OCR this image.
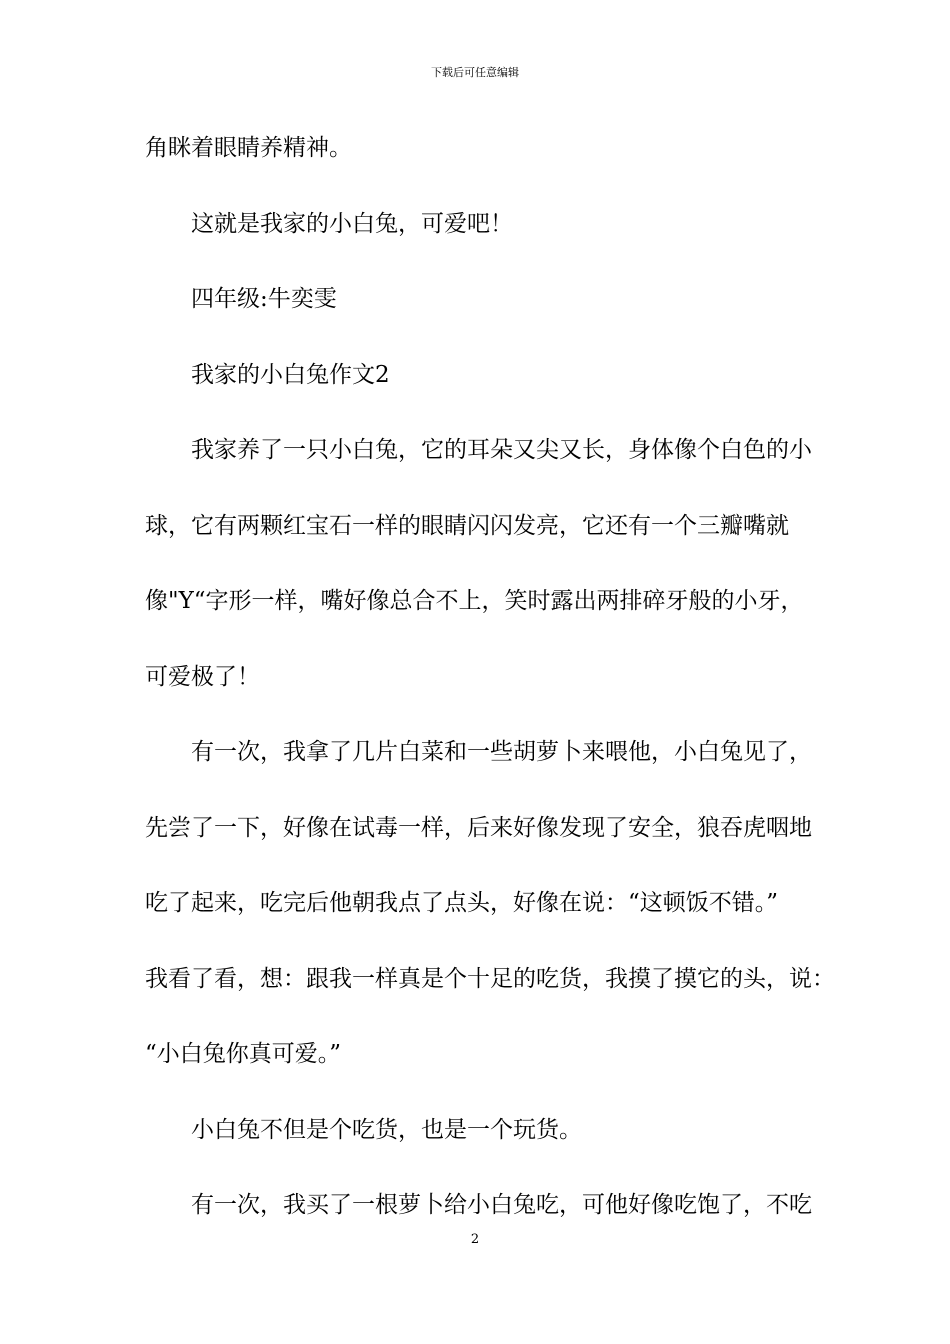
下载后可任意编辑
角眯着眼睛养精神。
这就是我家的小白兔，可爱吧！
四年级:牛奕雯
我家的小白兔作文2
我家养了一只小白兔，它的耳朵又尖又长，身体像个白色的小
球，它有两颗红宝石一样的眼睛闪闪发亮，它还有一个三瓣嘴就
像"Y“字形一样，嘴好像总合不上，笑时露出两排碎牙般的小牙，
可爱极了！
有一次，我拿了几片白菜和一些胡萝卜来喂他，小白兔见了，
先尝了一下，好像在试毒一样，后来好像发现了安全，狼吞虎咽地
吃了起来，吃完后他朝我点了点头，好像在说：“这顿饭不错。”
我看了看，想：跟我一样真是个十足的吃货，我摸了摸它的头，说：
“小白兔你真可爱。”
小白兔不但是个吃货，也是一个玩货。
有一次，我买了一根萝卜给小白兔吃，可他好像吃饱了，不吃
2
